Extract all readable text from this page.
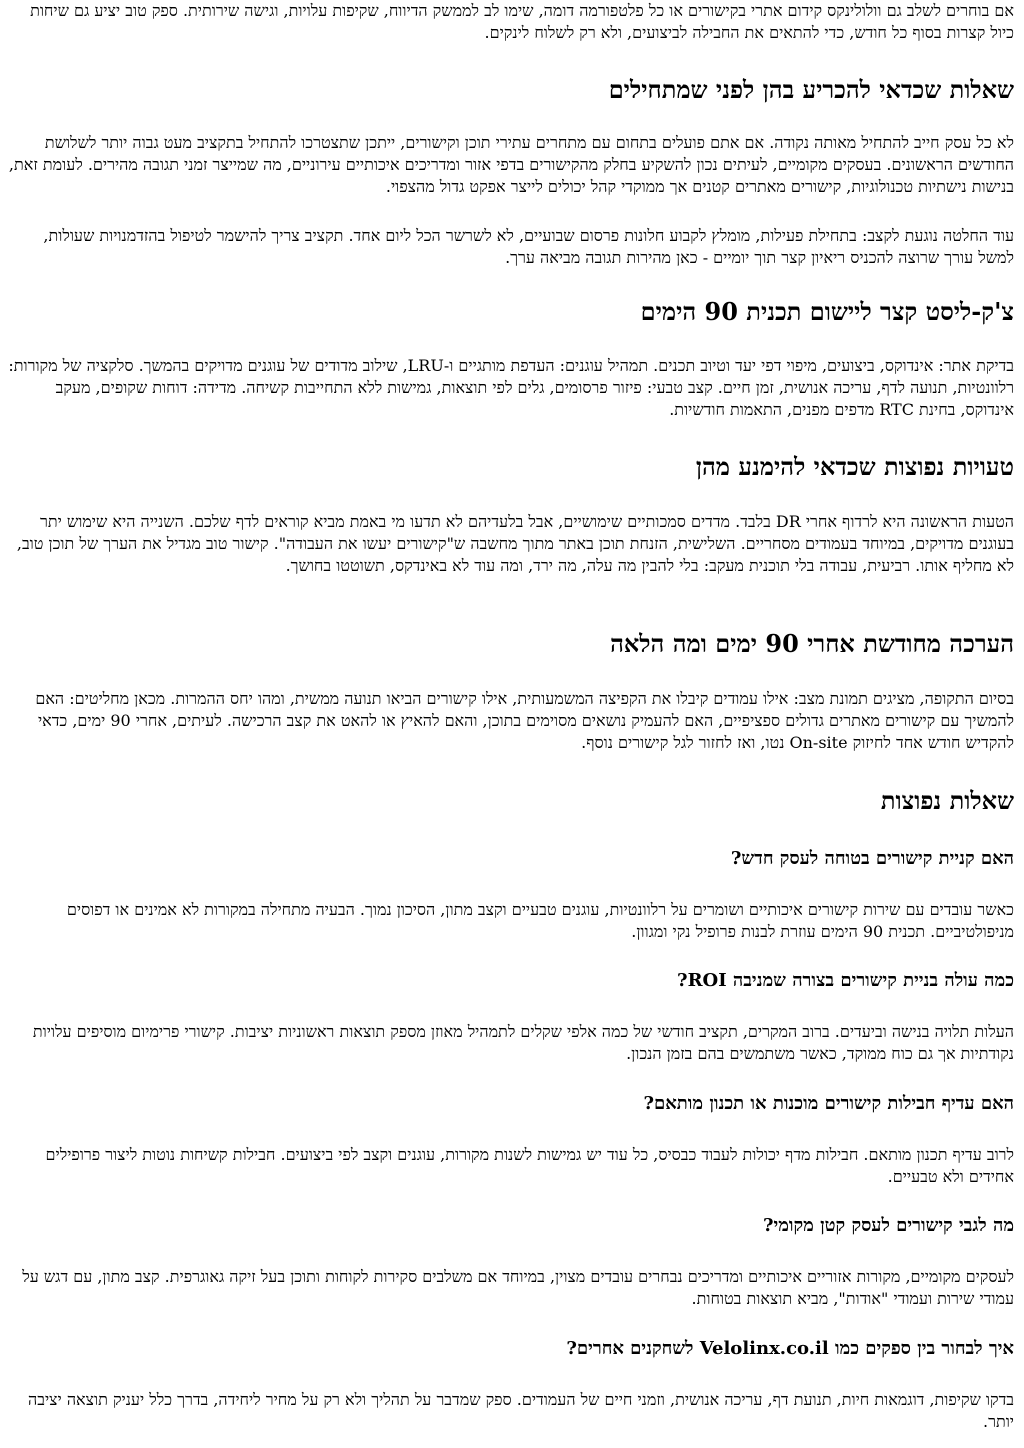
אם בוחרים לשלב גם וולולינקס קידום אתרי בקישורים או כל פלטפורמה דומה, שימו לב לממשק הדיווח, שקיפות עלויות, וגישה שירותית. ספק טוב יציע גם שיחות כיול קצרות בסוף כל חודש, כדי להתאים את החבילה לביצועים, ולא רק לשלוח לינקים.

שאלות שכדאי להכריע בהן לפני שמתחילים

לא כל עסק חייב להתחיל מאותה נקודה. אם אתם פועלים בתחום עם מתחרים עתירי תוכן וקישורים, ייתכן שתצטרכו להתחיל בתקציב מעט גבוה יותר לשלושת החודשים הראשונים. בעסקים מקומיים, לעיתים נכון להשקיע בחלק מהקישורים בדפי אזור ומדריכים איכותיים עירוניים, מה שמייצר זמני תגובה מהירים. לעומת זאת, בנישות נישתיות טכנולוגיות, קישורים מאתרים קטנים אך ממוקדי קהל יכולים לייצר אפקט גדול מהצפוי.

עוד החלטה נוגעת לקצב: בתחילת פעילות, מומלץ לקבוע חלונות פרסום שבועיים, לא לשרשר הכל ליום אחד. תקציב צריך להישמר לטיפול בהזדמנויות שעולות, למשל עורך שרוצה להכניס ריאיון קצר תוך יומיים - כאן מהירות תגובה מביאה ערך.

צ'ק-ליסט קצר ליישום תכנית 90 הימים

בדיקת אתר: אינדוקס, ביצועים, מיפוי דפי יעד וטיוב תכנים. תמהיל עוגנים: העדפת מותגיים ו-LRU, שילוב מדודים של עוגנים מדויקים בהמשך. סלקציה של מקורות: רלוונטיות, תנועה לדף, עריכה אנושית, זמן חיים. קצב טבעי: פיזור פרסומים, גלים לפי תוצאות, גמישות ללא התחייבות קשיחה. מדידה: דוחות שקופים, מעקב אינדוקס, בחינת RTC מדפים מפנים, התאמות חודשיות.

טעויות נפוצות שכדאי להימנע מהן

הטעות הראשונה היא לרדוף אחרי DR בלבד. מדדים סמכותיים שימושיים, אבל בלעדיהם לא תדעו מי באמת מביא קוראים לדף שלכם. השנייה היא שימוש יתר בעוגנים מדויקים, במיוחד בעמודים מסחריים. השלישית, הזנחת תוכן באתר מתוך מחשבה ש"קישורים יעשו את העבודה". קישור טוב מגדיל את הערך של תוכן טוב, לא מחליף אותו. רביעית, עבודה בלי תוכנית מעקב: בלי להבין מה עלה, מה ירד, ומה עוד לא באינדקס, תשוטטו בחושך.

הערכה מחודשת אחרי 90 ימים ומה הלאה

בסיום התקופה, מציגים תמונת מצב: אילו עמודים קיבלו את הקפיצה המשמעותית, אילו קישורים הביאו תנועה ממשית, ומהו יחס ההמרות. מכאן מחליטים: האם להמשיך עם קישורים מאתרים גדולים ספציפיים, האם להעמיק נושאים מסוימים בתוכן, והאם להאיץ או להאט את קצב הרכישה. לעיתים, אחרי 90 ימים, כדאי להקדיש חודש אחד לחיזוק On-site נטו, ואז לחזור לגל קישורים נוסף.

שאלות נפוצות
האם קניית קישורים בטוחה לעסק חדש?

כאשר עובדים עם שירות קישורים איכותיים ושומרים על רלוונטיות, עוגנים טבעיים וקצב מתון, הסיכון נמוך. הבעיה מתחילה במקורות לא אמינים או דפוסים מניפולטיביים. תכנית 90 הימים עוזרת לבנות פרופיל נקי ומגוון.

כמה עולה בניית קישורים בצורה שמניבה ROI?

העלות תלויה בנישה וביעדים. ברוב המקרים, תקציב חודשי של כמה אלפי שקלים לתמהיל מאוזן מספק תוצאות ראשוניות יציבות. קישורי פרימיום מוסיפים עלויות נקודתיות אך גם כוח ממוקד, כאשר משתמשים בהם בזמן הנכון.

האם עדיף חבילות קישורים מוכנות או תכנון מותאם?

לרוב עדיף תכנון מותאם. חבילות מדף יכולות לעבוד כבסיס, כל עוד יש גמישות לשנות מקורות, עוגנים וקצב לפי ביצועים. חבילות קשיחות נוטות ליצור פרופילים אחידים ולא טבעיים.

מה לגבי קישורים לעסק קטן מקומי?

לעסקים מקומיים, מקורות אזוריים איכותיים ומדריכים נבחרים עובדים מצוין, במיוחד אם משלבים סקירות לקוחות ותוכן בעל זיקה גאוגרפית. קצב מתון, עם דגש על עמודי שירות ועמודי "אודות", מביא תוצאות בטוחות.

איך לבחור בין ספקים כמו Velolinx.co.il לשחקנים אחרים?

בדקו שקיפות, דוגמאות חיות, תנועת דף, עריכה אנושית, וזמני חיים של העמודים. ספק שמדבר על תהליך ולא רק על מחיר ליחידה, בדרך כלל יעניק תוצאה יציבה יותר.
